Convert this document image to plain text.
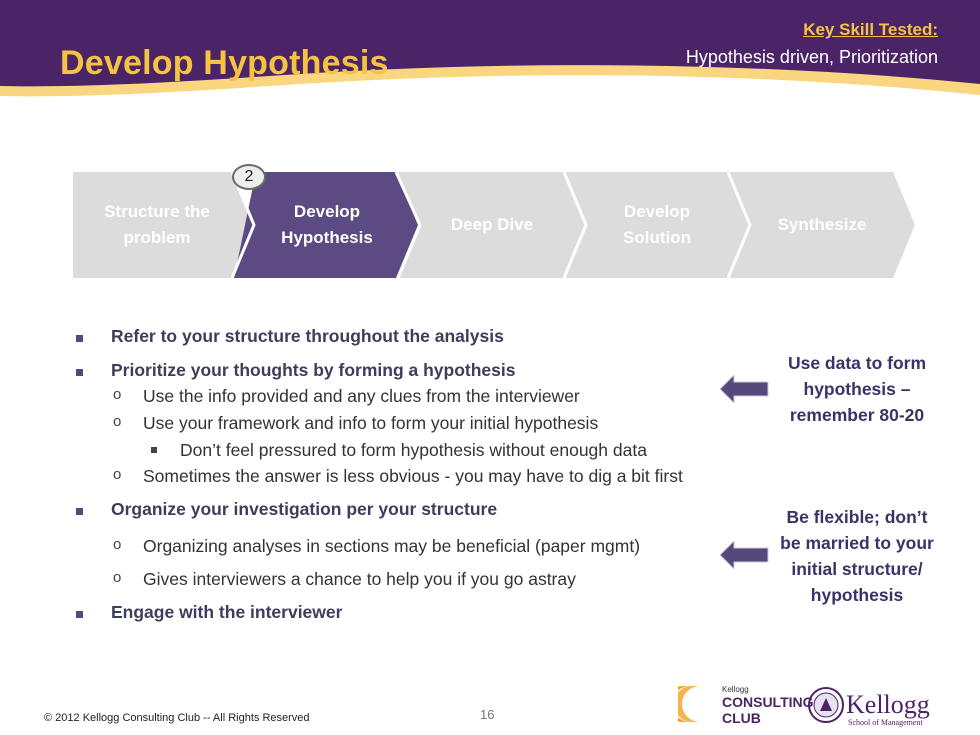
Develop Hypothesis
Key Skill Tested:
Hypothesis driven, Prioritization
Structure the problem
Develop Hypothesis
Deep Dive
Develop Solution
Synthesize
2
Refer to your structure throughout the analysis
Prioritize your thoughts by forming a hypothesis
o Use the info provided and any clues from the interviewer
o Use your framework and info to form your initial hypothesis
Don’t feel pressured to form hypothesis without enough data
o Sometimes the answer is less obvious - you may have to dig a bit first
Organize your investigation per your structure
o Organizing analyses in sections may be beneficial (paper mgmt)
o Gives interviewers a chance to help you if you go astray
Engage with the interviewer
Use data to form
hypothesis –
remember 80-20
Be flexible; don’t
be married to your
initial structure/
hypothesis
© 2012 Kellogg Consulting Club -- All Rights Reserved	16
Kellogg
CONSULTING
CLUB	Kellogg
School of Management
